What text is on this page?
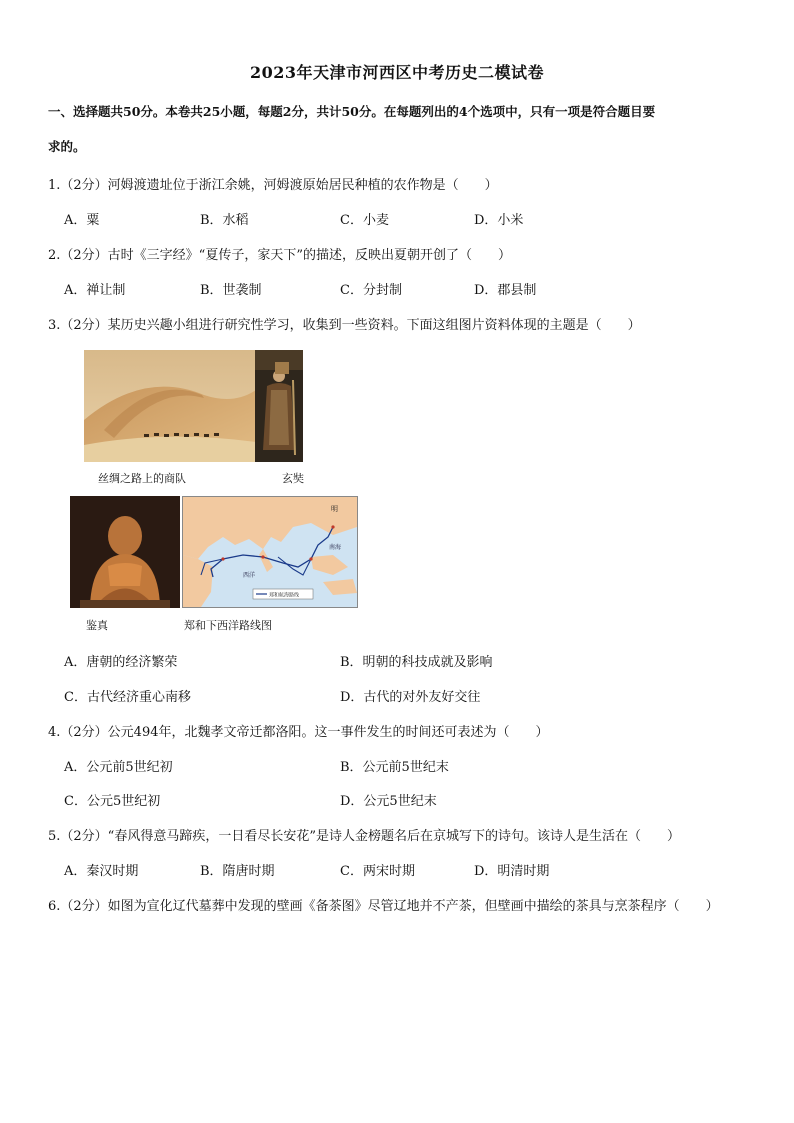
2023年天津市河西区中考历史二模试卷
一、选择题共50分。本卷共25小题，每题2分，共计50分。在每题列出的4个选项中，只有一项是符合题目要
求的。
1.（2分）河姆渡遗址位于浙江余姚，河姆渡原始居民种植的农作物是（　　）
A．粟	B．水稻	C．小麦	D．小米
2.（2分）古时《三字经》“夏传子，家天下”的描述，反映出夏朝开创了（　　）
A．禅让制	B．世袭制	C．分封制	D．郡县制
3.（2分）某历史兴趣小组进行研究性学习，收集到一些资料。下面这组图片资料体现的主题是（　　）
丝绸之路上的商队	玄奘
明
南海
西洋
郑和航海路线
鉴真	郑和下西洋路线图
A．唐朝的经济繁荣	B．明朝的科技成就及影响
C．古代经济重心南移	D．古代的对外友好交往
4.（2分）公元494年，北魏孝文帝迁都洛阳。这一事件发生的时间还可表述为（　　）
A．公元前5世纪初	B．公元前5世纪末
C．公元5世纪初	D．公元5世纪末
5.（2分）“春风得意马蹄疾，一日看尽长安花”是诗人金榜题名后在京城写下的诗句。该诗人是生活在（　　）
A．秦汉时期	B．隋唐时期	C．两宋时期	D．明清时期
6.（2分）如图为宣化辽代墓葬中发现的壁画《备茶图》尽管辽地并不产茶，但壁画中描绘的茶具与烹茶程序（　　）
